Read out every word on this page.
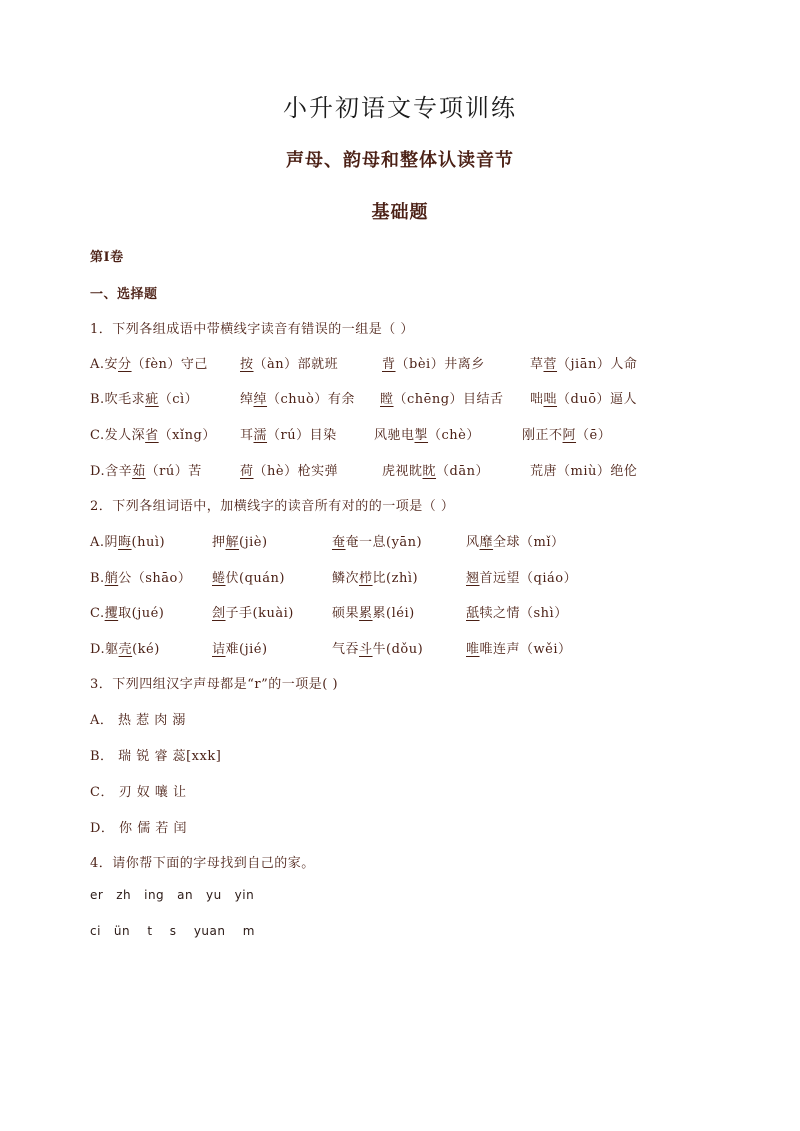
小升初语文专项训练
声母、韵母和整体认读音节
基础题
第Ⅰ卷
一、选择题
1．下列各组成语中带横线字读音有错误的一组是（ ）
A.安分（fèn）守己 按（àn）部就班	背（bèi）井离乡	草菅（jiān）人命
B.吹毛求疵（cì）	绰绰（chuò）有余 瞠（chēng）目结舌 咄咄（duō）逼人
C.发人深省（xǐng） 耳濡（rú）目染	风驰电掣（chè）	刚正不阿（ē）
D.含辛茹（rú）苦	荷（hè）枪实弹	虎视眈眈（dān）	荒唐（miù）绝伦
2．下列各组词语中，加横线字的读音所有对的的一项是（ ）
A.阴晦(huì)	押解(jiè)	奄奄一息(yān)	风靡全球（mǐ）
B.艄公（shāo） 蜷伏(quán)	鳞次栉比(zhì)	翘首远望（qiáo）
C.攫取(jué)	刽子手(kuài)	硕果累累(léi)	舐犊之情（shì）
D.躯壳(ké)	诘难(jié)	气吞斗牛(dǒu)	唯唯连声（wěi）
3．下列四组汉字声母都是“r”的一项是( )
A． 热 惹 肉 溺
B． 瑞 锐 睿 蕊[xxk]
C． 刃 奴 嚷 让
D． 你 儒 若 闰
4．请你帮下面的字母找到自己的家。
er   zh   ing   an   yu   yin
ci   ün    t    s    yuan    m
